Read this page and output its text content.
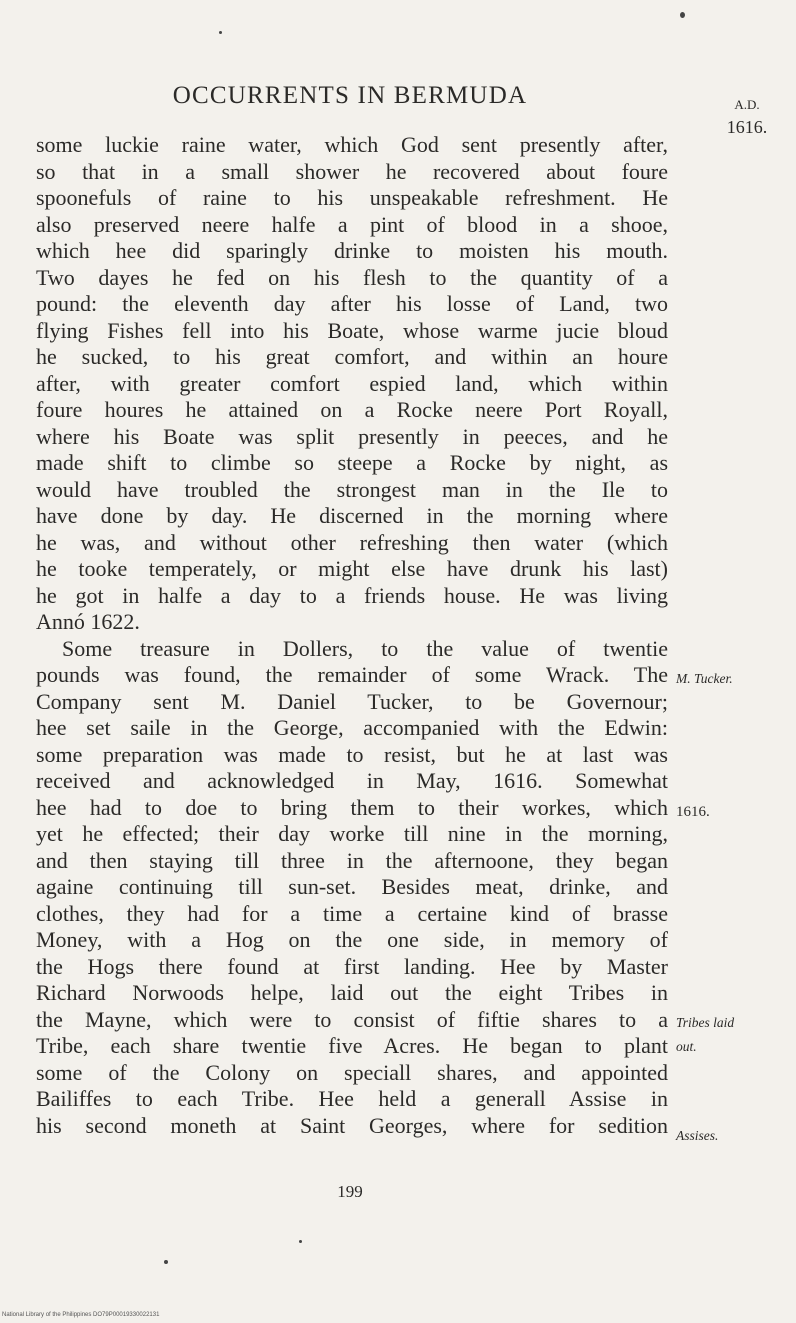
OCCURRENTS IN BERMUDA	A.D.
1616.
some luckie raine water, which God sent presently after,
so that in a small shower he recovered about foure
spoonefuls of raine to his unspeakable refreshment. He
also preserved neere halfe a pint of blood in a shooe,
which hee did sparingly drinke to moisten his mouth.
Two dayes he fed on his flesh to the quantity of a
pound: the eleventh day after his losse of Land, two
flying Fishes fell into his Boate, whose warme jucie bloud
he sucked, to his great comfort, and within an houre
after, with greater comfort espied land, which within
foure houres he attained on a Rocke neere Port Royall,
where his Boate was split presently in peeces, and he
made shift to climbe so steepe a Rocke by night, as
would have troubled the strongest man in the Ile to
have done by day. He discerned in the morning where
he was, and without other refreshing then water (which
he tooke temperately, or might else have drunk his last)
he got in halfe a day to a friends house. He was living
Annó 1622.
Some treasure in Dollers, to the value of twentie
pounds was found, the remainder of some Wrack. The
Company sent M. Daniel Tucker, to be Governour;
hee set saile in the George, accompanied with the Edwin:
some preparation was made to resist, but he at last was
received and acknowledged in May, 1616. Somewhat
hee had to doe to bring them to their workes, which
yet he effected; their day worke till nine in the morning,
and then staying till three in the afternoone, they began
againe continuing till sun-set. Besides meat, drinke, and
clothes, they had for a time a certaine kind of brasse
Money, with a Hog on the one side, in memory of
the Hogs there found at first landing. Hee by Master
Richard Norwoods helpe, laid out the eight Tribes in
the Mayne, which were to consist of fiftie shares to a
Tribe, each share twentie five Acres. He began to plant
some of the Colony on speciall shares, and appointed
Bailiffes to each Tribe. Hee held a generall Assise in
his second moneth at Saint Georges, where for sedition
M. Tucker.
1616.
Tribes laid
out.
Assises.
199
National Library of the Philippines DO79P00019330022131
